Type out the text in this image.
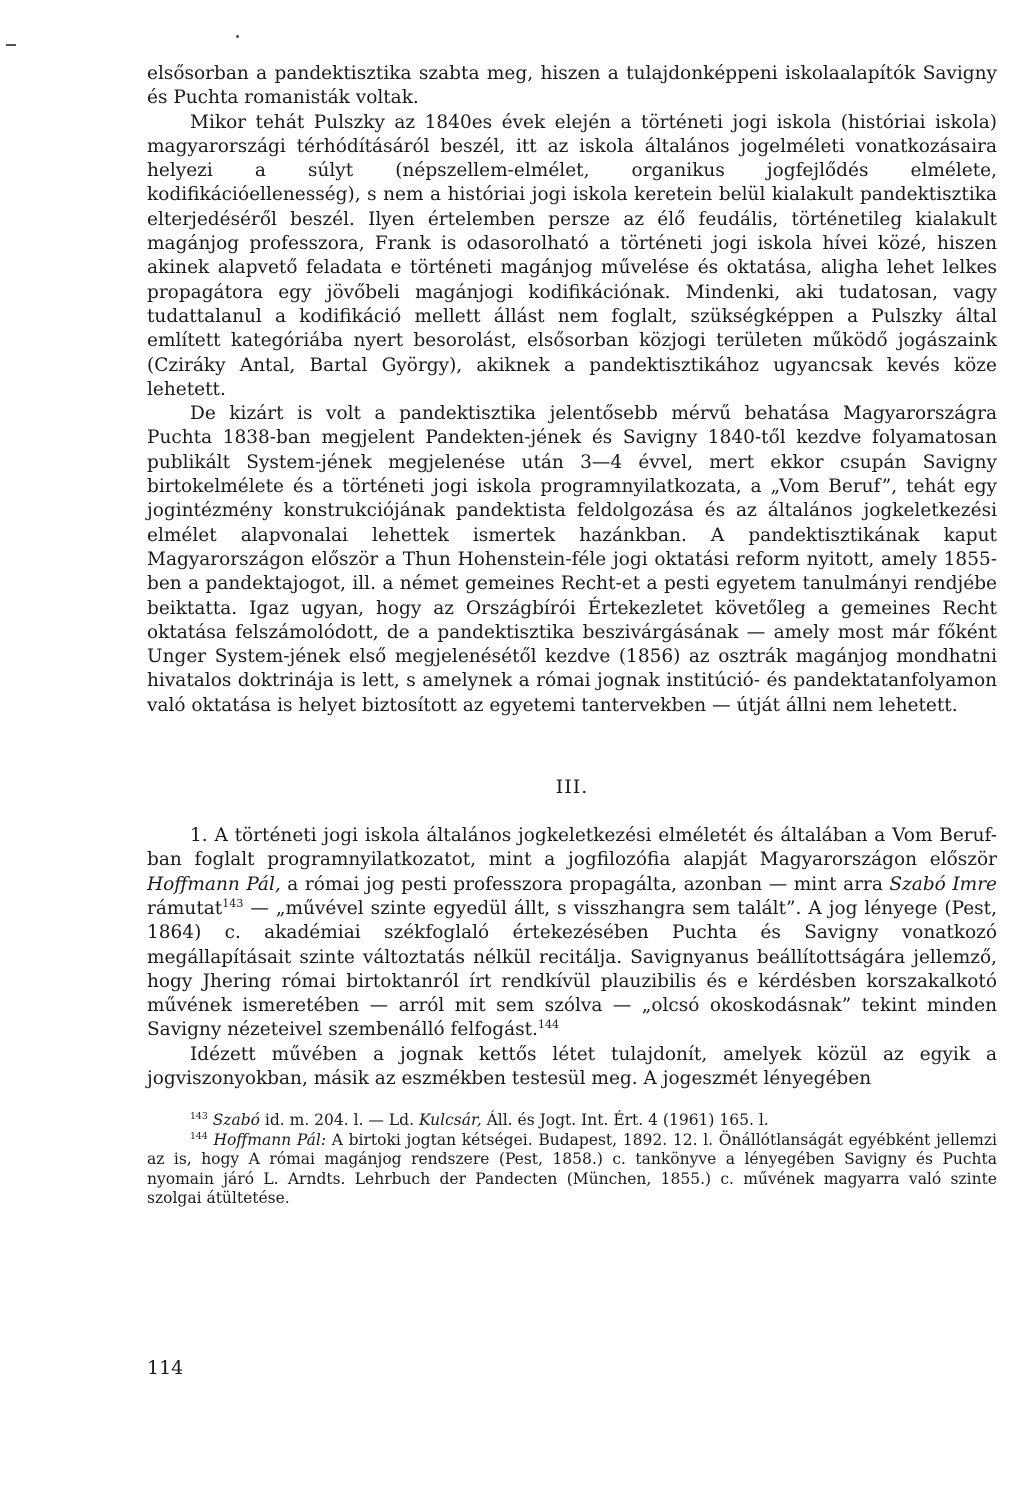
elsősorban a pandektisztika szabta meg, hiszen a tulajdonképpeni iskolaalapítók Savigny és Puchta romanisták voltak.

Mikor tehát Pulszky az 1840es évek elején a történeti jogi iskola (históriai iskola) magyarországi térhódításáról beszél, itt az iskola általános jogelméleti vonatkozásaira helyezi a súlyt (népszellem-elmélet, organikus jogfejlődés elmélete, kodifikációellenesség), s nem a históriai jogi iskola keretein belül kialakult pandektisztika elterjedéséről beszél. Ilyen értelemben persze az élő feudális, történetileg kialakult magánjog professzora, Frank is odasorolható a történeti jogi iskola hívei közé, hiszen akinek alapvető feladata e történeti magánjog művelése és oktatása, aligha lehet lelkes propagátora egy jövőbeli magánjogi kodifikációnak. Mindenki, aki tudatosan, vagy tudattalanul a kodifikáció mellett állást nem foglalt, szükségképpen a Pulszky által említett kategóriába nyert besorolást, elsősorban közjogi területen működő jogászaink (Cziráky Antal, Bartal György), akiknek a pandektisztikához ugyancsak kevés köze lehetett.

De kizárt is volt a pandektisztika jelentősebb mérvű behatása Magyarországra Puchta 1838-ban megjelent Pandekten-jének és Savigny 1840-től kezdve folyamatosan publikált System-jének megjelenése után 3—4 évvel, mert ekkor csupán Savigny birtokelmélete és a történeti jogi iskola programnyilatkozata, a „Vom Beruf”, tehát egy jogintézmény konstrukciójának pandektista feldolgozása és az általános jogkeletkezési elmélet alapvonalai lehettek ismertek hazánkban. A pandektisztikának kaput Magyarországon először a Thun Hohenstein-féle jogi oktatási reform nyitott, amely 1855-ben a pandektajogot, ill. a német gemeines Recht-et a pesti egyetem tanulmányi rendjébe beiktatta. Igaz ugyan, hogy az Országbírói Értekezletet követőleg a gemeines Recht oktatása felszámolódott, de a pandektisztika beszivárgásának — amely most már főként Unger System-jének első megjelenésétől kezdve (1856) az osztrák magánjog mondhatni hivatalos doktrinája is lett, s amelynek a római jognak institúció- és pandektatanfolyamon való oktatása is helyet biztosított az egyetemi tantervekben — útját állni nem lehetett.

III.

1. A történeti jogi iskola általános jogkeletkezési elméletét és általában a Vom Beruf-ban foglalt programnyilatkozatot, mint a jogfilozófia alapját Magyarországon először Hoffmann Pál, a római jog pesti professzora propagálta, azonban — mint arra Szabó Imre rámutat$^{143}$ — „művével szinte egyedül állt, s visszhangra sem talált”. A jog lényege (Pest, 1864) c. akadémiai székfoglaló értekezésében Puchta és Savigny vonatkozó megállapításait szinte változtatás nélkül recitálja. Savignyanus beállítottságára jellemző, hogy Jhering római birtoktanról írt rendkívül plauzibilis és e kérdésben korszakalkotó művének ismeretében — arról mit sem szólva — „olcsó okoskodásnak” tekint minden Savigny nézeteivel szembenálló felfogást.$^{144}$

Idézett művében a jognak kettős létet tulajdonít, amelyek közül az egyik a jogviszonyokban, másik az eszmékben testesül meg. A jogeszmét lényegében

$^{143}$ Szabó id. m. 204. l. — Ld. Kulcsár, Áll. és Jogt. Int. Ért. 4 (1961) 165. l.

$^{144}$ Hoffmann Pál: A birtoki jogtan kétségei. Budapest, 1892. 12. l. Önállótlanságát egyébként jellemzi az is, hogy A római magánjog rendszere (Pest, 1858.) c. tankönyve a lényegében Savigny és Puchta nyomain járó L. Arndts. Lehrbuch der Pandecten (München, 1855.) c. művének magyarra való szinte szolgai átültetése.

114
